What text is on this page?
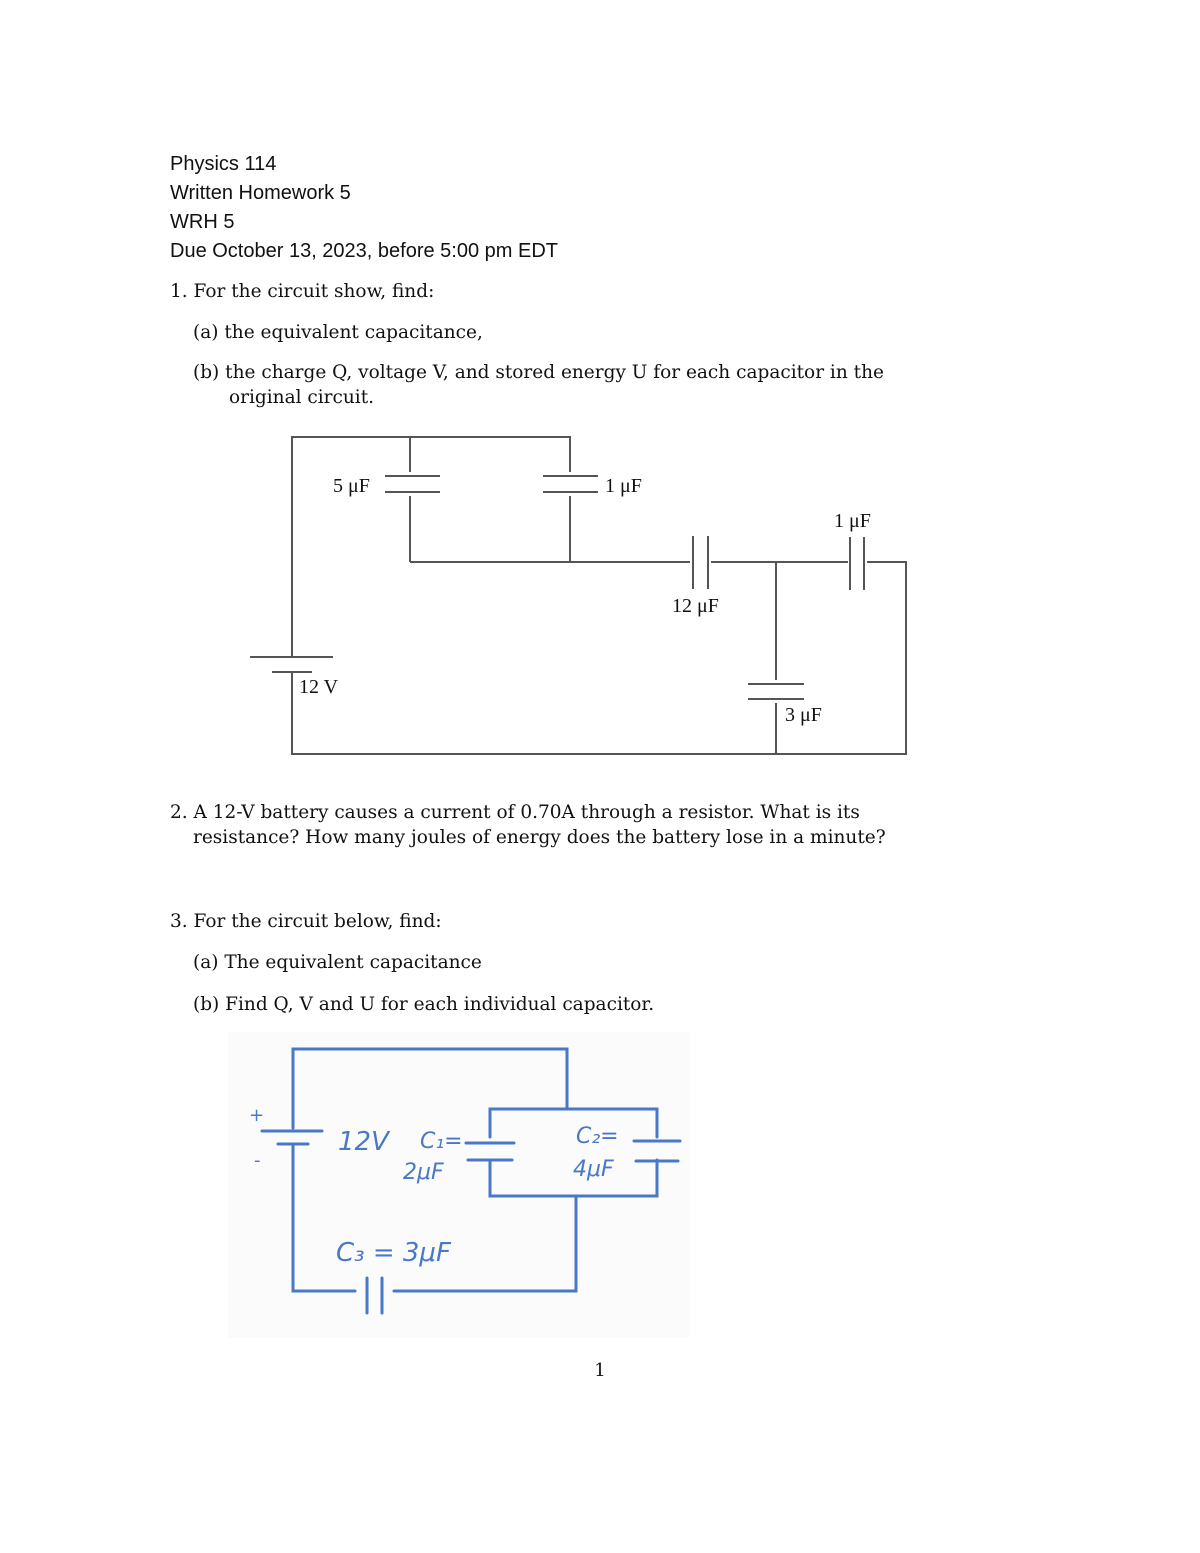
Physics 114
Written Homework 5
WRH 5
Due October 13, 2023, before 5:00 pm EDT
1. For the circuit show, find:
(a) the equivalent capacitance,
(b) the charge Q, voltage V, and stored energy U for each capacitor in the
original circuit.
2. A 12-V battery causes a current of 0.70A through a resistor. What is its
resistance? How many joules of energy does the battery lose in a minute?
3. For the circuit below, find:
(a) The equivalent capacitance
(b) Find Q, V and U for each individual capacitor.
5 μF	1 μF
1 μF
12 μF
12 V
3 μF
+
-
12V C₁=
2μF
C₂=
4μF
C₃ = 3μF
1
